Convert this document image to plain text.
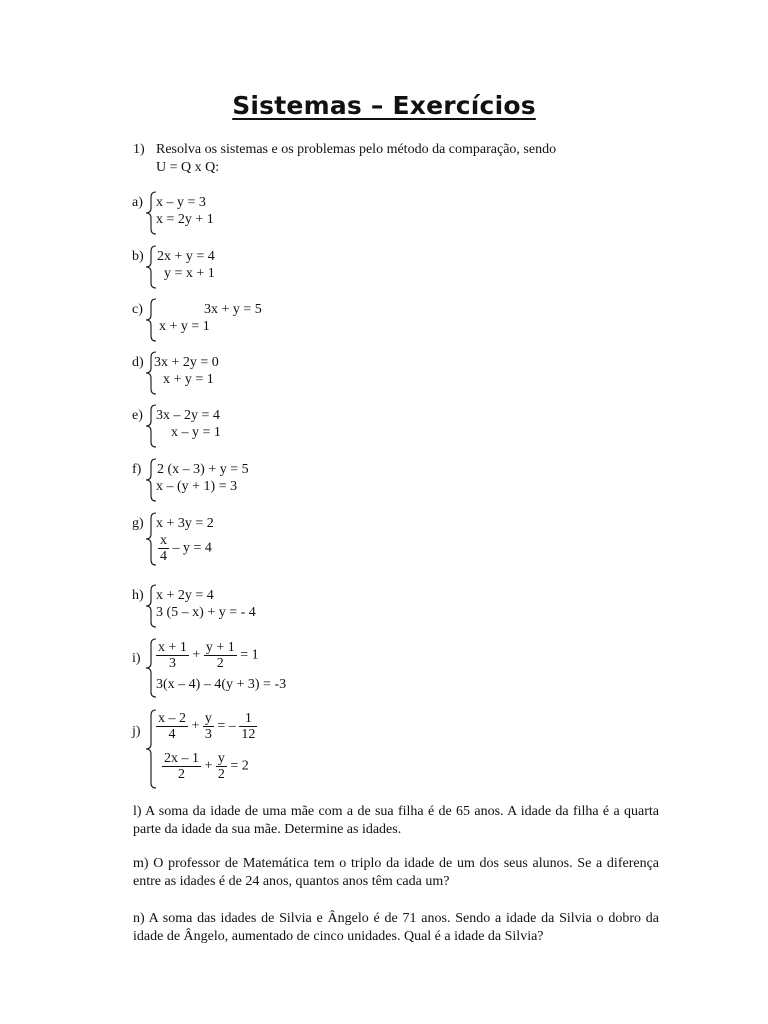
Sistemas – Exercícios
1) Resolva os sistemas e os problemas pelo método da comparação, sendo
U = Q x Q:
a) x – y = 3
x = 2y + 1
b) 2x + y = 4
y = x + 1
c)	3x + y = 5
x + y = 1
d) 3x + 2y = 0
x + y = 1
e) 3x – 2y = 4
x – y = 1
f) 2 (x – 3) + y = 5
x – (y + 1) = 3
g) x + 3y = 2
$\frac{x}{4} - y = 4$
h) x + 2y = 4
3 (5 – x) + y = - 4
$i) \frac{x + 1}{3} + \frac{y + 1}{2} = 1$
3(x – 4) – 4(y + 3) = -3
$j) \frac{x - 2}{4} + \frac{y}{3}$ = – $\frac{1}{12}$
$\frac{2x - 1}{2} + \frac{y}{2} = 2$
l) A soma da idade de uma mãe com a de sua filha é de 65 anos. A idade da filha é a quarta parte da idade da sua mãe. Determine as idades.
m) O professor de Matemática tem o triplo da idade de um dos seus alunos. Se a diferença entre as idades é de 24 anos, quantos anos têm cada um?
n) A soma das idades de Silvia e Ângelo é de 71 anos. Sendo a idade da Silvia o dobro da idade de Ângelo, aumentado de cinco unidades. Qual é a idade da Silvia?
